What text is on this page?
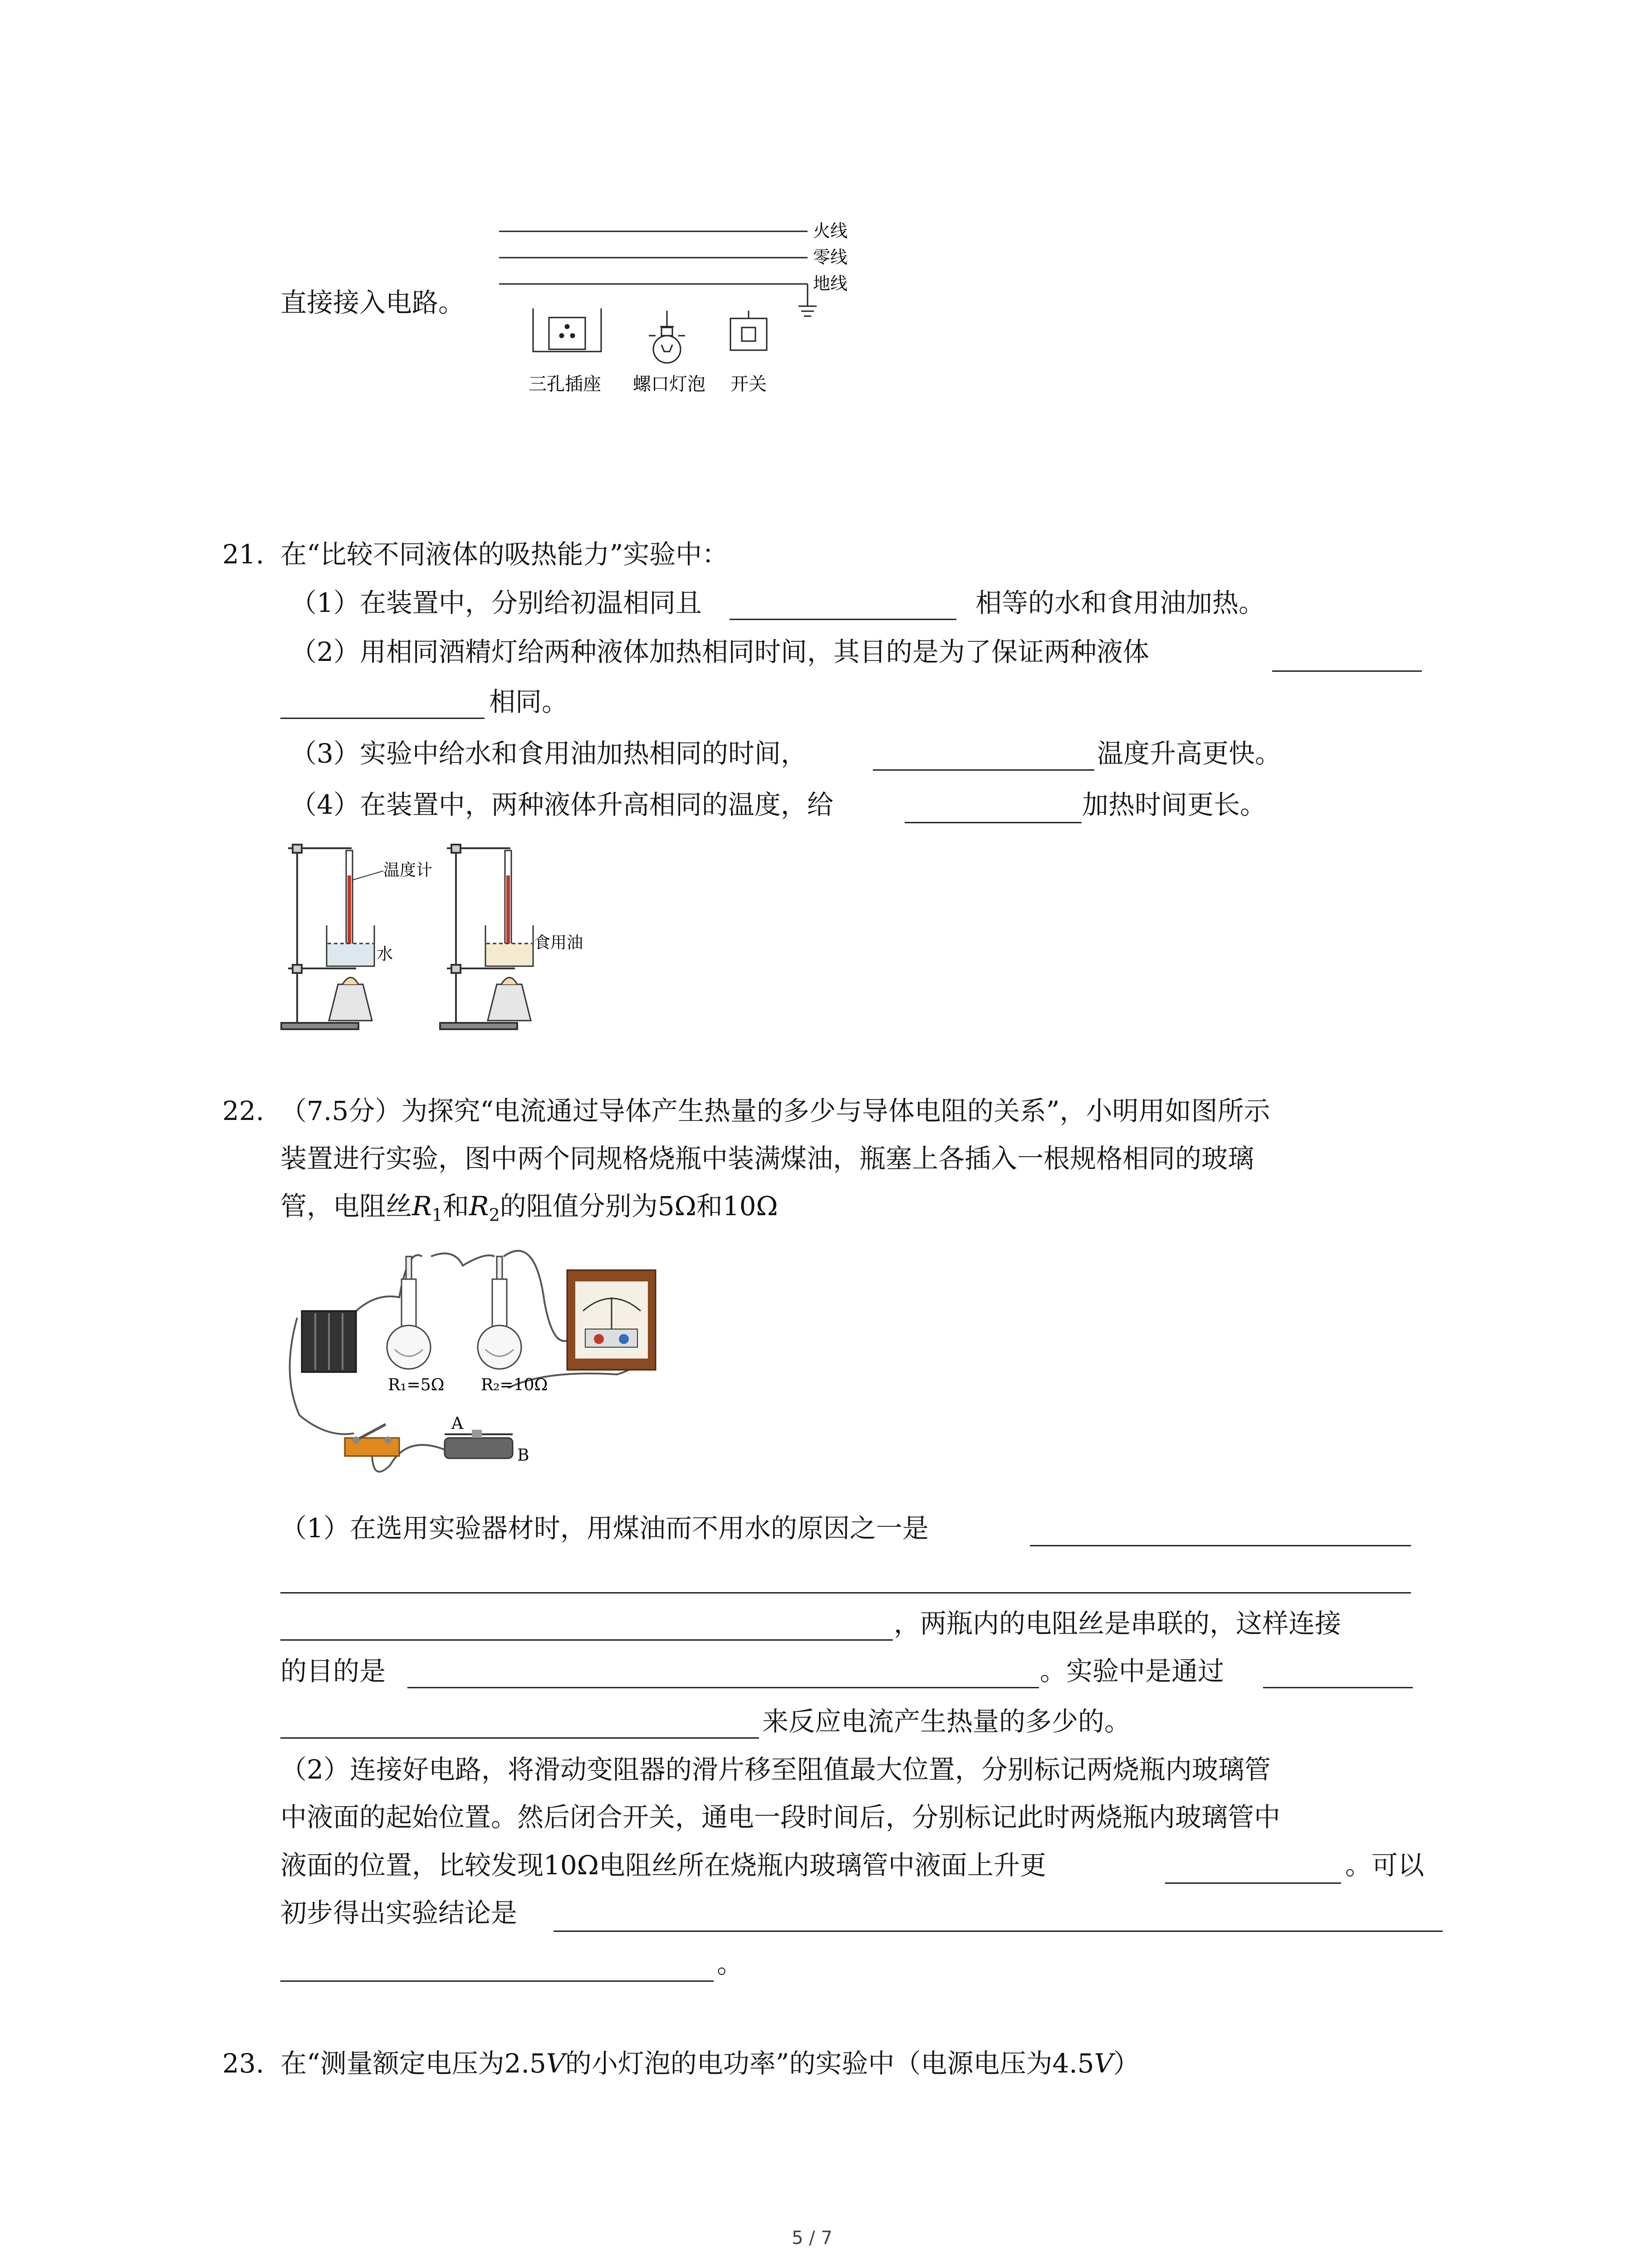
直接接入电路。
火线
零线
地线
三孔插座 螺口灯泡 开关
21. 在“比较不同液体的吸热能力”实验中：
（1）在装置中，分别给初温相同且	相等的水和食用油加热。
（2）用相同酒精灯给两种液体加热相同时间，其目的是为了保证两种液体
相同。
（3）实验中给水和食用油加热相同的时间，	温度升高更快。
（4）在装置中，两种液体升高相同的温度，给	加热时间更长。
温度计
水
食用油
22. （7.5分）为探究“电流通过导体产生热量的多少与导体电阻的关系”，小明用如图所示
装置进行实验，图中两个同规格烧瓶中装满煤油，瓶塞上各插入一根规格相同的玻璃
管，电阻丝$R_1$和$R_2$的阻值分别为5Ω和10Ω
R₁=5Ω R₂=10Ω
A
B
（1）在选用实验器材时，用煤油而不用水的原因之一是
，两瓶内的电阻丝是串联的，这样连接
的目的是	。实验中是通过
来反应电流产生热量的多少的。
（2）连接好电路，将滑动变阻器的滑片移至阻值最大位置，分别标记两烧瓶内玻璃管
中液面的起始位置。然后闭合开关，通电一段时间后，分别标记此时两烧瓶内玻璃管中
液面的位置，比较发现10Ω电阻丝所在烧瓶内玻璃管中液面上升更	。可以
初步得出实验结论是
。
23. 在“测量额定电压为2.5V的小灯泡的电功率”的实验中（电源电压为4.5V）
5 / 7
